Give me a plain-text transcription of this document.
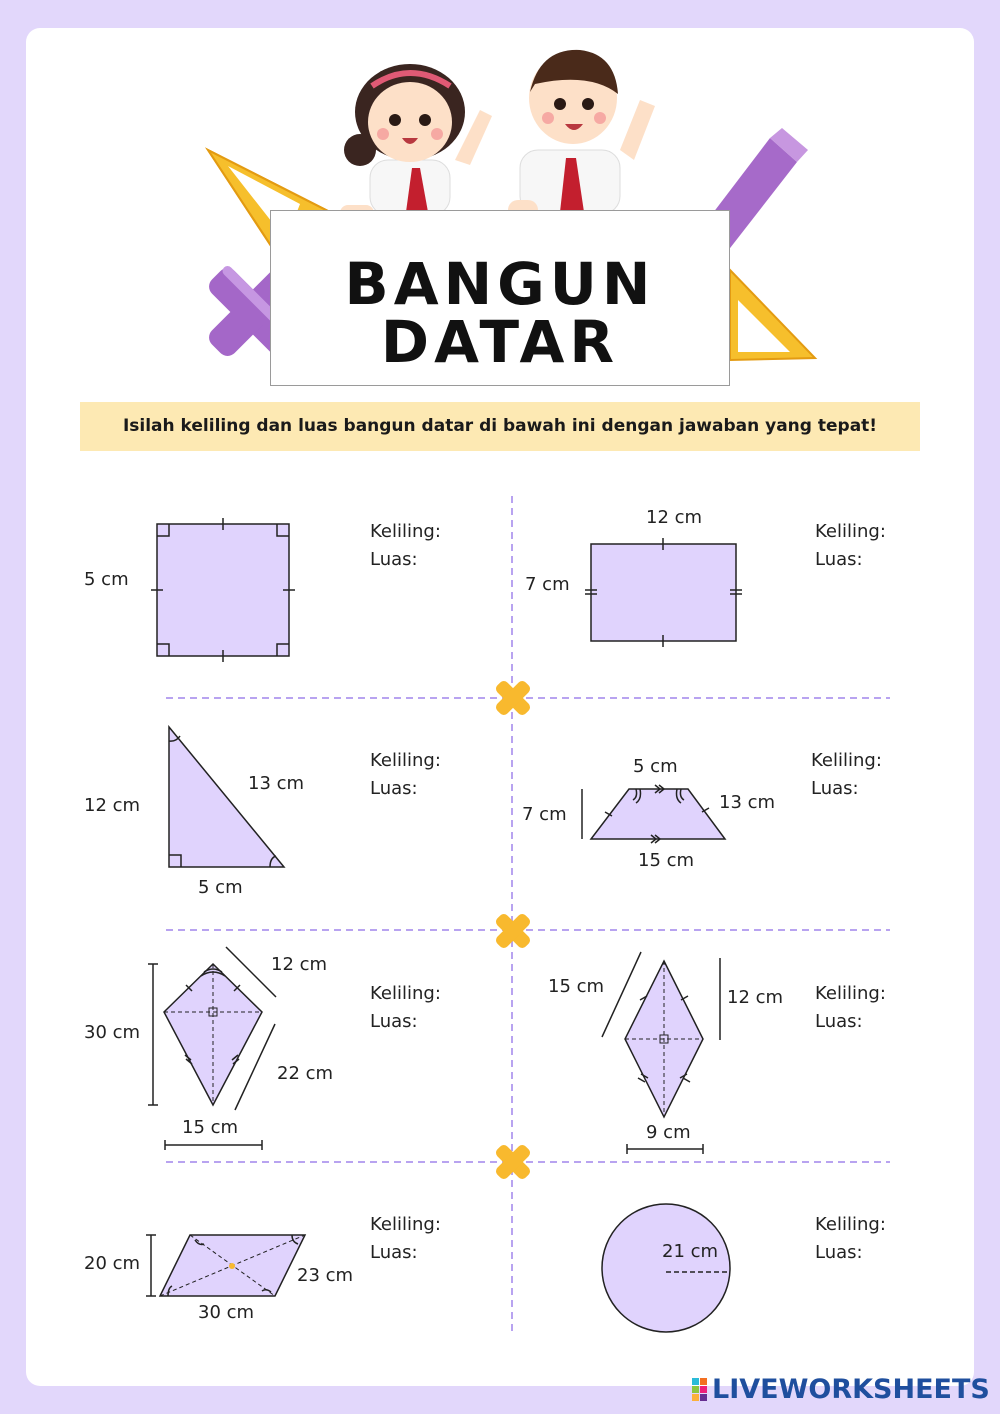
BANGUN
DATAR
Isilah keliling dan luas bangun datar di bawah ini dengan jawaban yang tepat!
Keliling:
Luas:
Keliling:
Luas:
Keliling:
Luas:
Keliling:
Luas:
Keliling:
Luas:
Keliling:
Luas:
Keliling:
Luas:
Keliling:
Luas:
5 cm
12 cm
7 cm
12 cm
13 cm
5 cm
5 cm
7 cm
13 cm
15 cm
30 cm
12 cm
22 cm
15 cm
15 cm
12 cm
9 cm
20 cm
23 cm
30 cm
21 cm
LIVEWORKSHEETS
